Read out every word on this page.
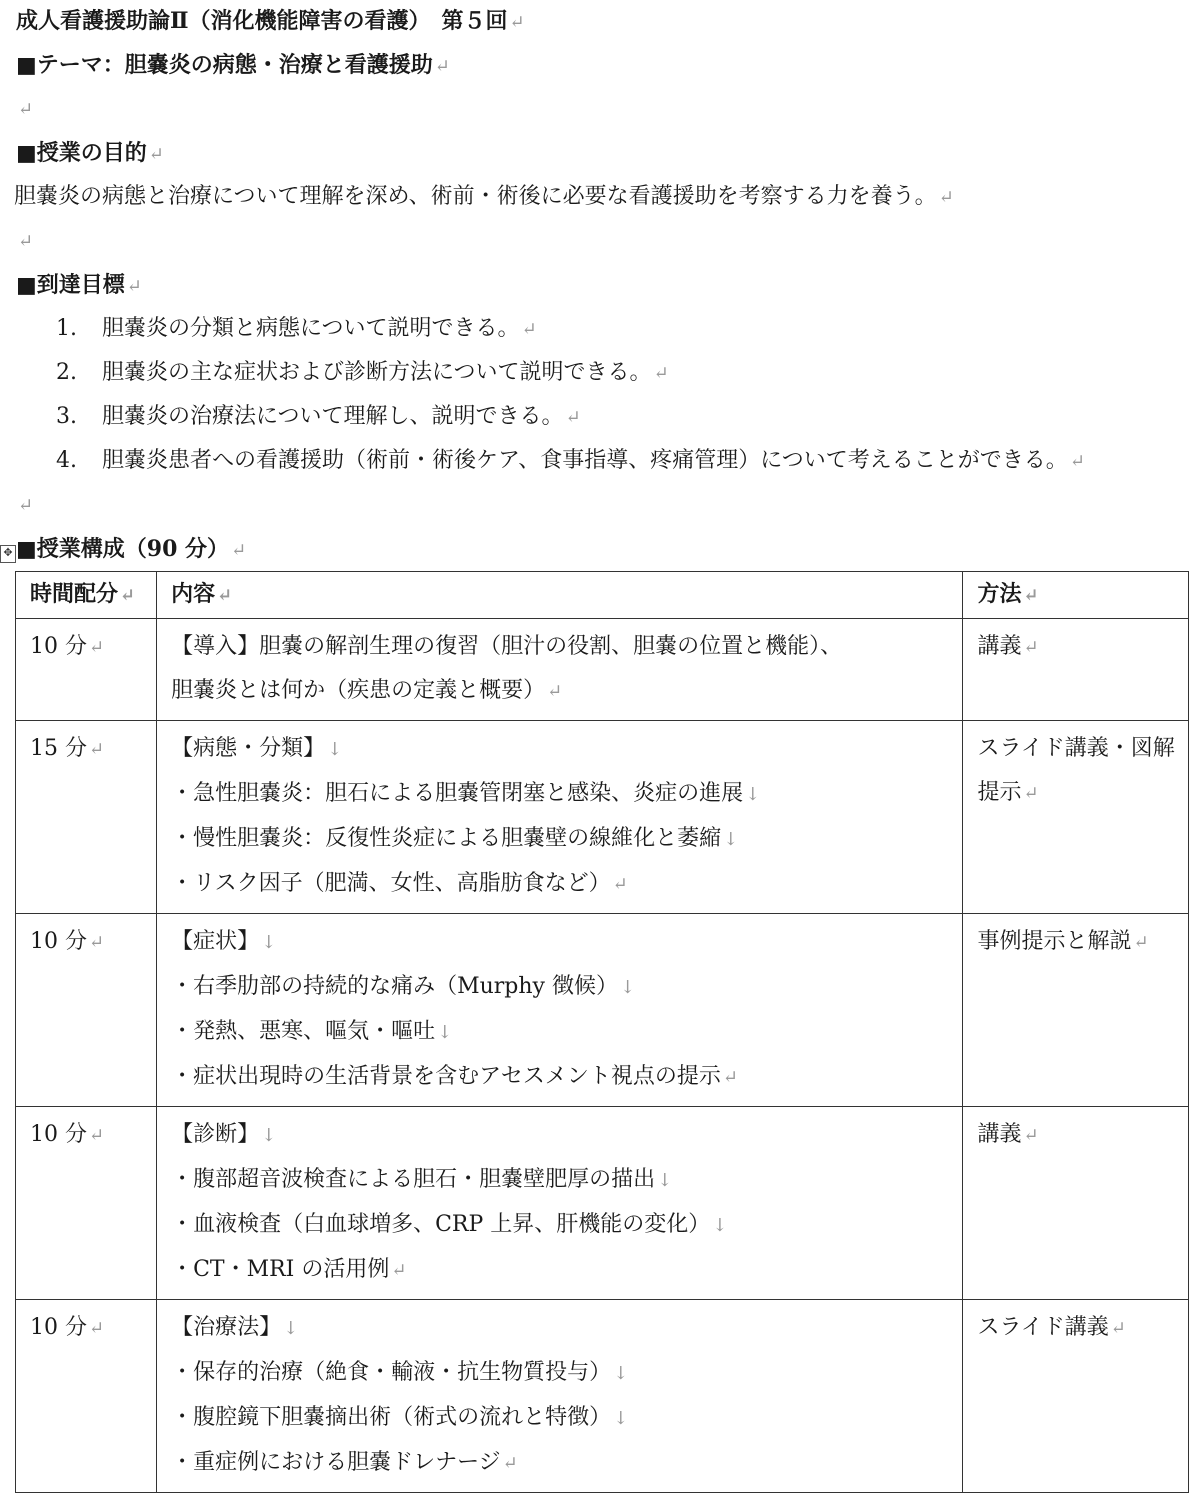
成人看護援助論Ⅱ（消化機能障害の看護）　第５回 ↵
■テーマ：胆嚢炎の病態・治療と看護援助 ↵
↵
■授業の目的 ↵
胆嚢炎の病態と治療について理解を深め、術前・術後に必要な看護援助を考察する力を養う。 ↵
↵
■到達目標 ↵
1. 胆嚢炎の分類と病態について説明できる。 ↵
2. 胆嚢炎の主な症状および診断方法について説明できる。 ↵
3. 胆嚢炎の治療法について理解し、説明できる。 ↵
4. 胆嚢炎患者への看護援助（術前・術後ケア、食事指導、疼痛管理）について考えることができる。 ↵
↵
✥ ■授業構成（90 分） ↵
時間配分 ↵	内容 ↵	方法 ↵
10 分 ↵	【導入】胆嚢の解剖生理の復習（胆汁の役割、胆嚢の位置と機能）、
胆嚢炎とは何か（疾患の定義と概要） ↵	講義 ↵

15 分 ↵	【病態・分類】 ↓
・急性胆嚢炎：胆石による胆嚢管閉塞と感染、炎症の進展 ↓
・慢性胆嚢炎：反復性炎症による胆嚢壁の線維化と萎縮 ↓
・リスク因子（肥満、女性、高脂肪食など） ↵	スライド講義・図解提示 ↵

10 分 ↵	【症状】 ↓
・右季肋部の持続的な痛み（Murphy 徴候） ↓
・発熱、悪寒、嘔気・嘔吐 ↓
・症状出現時の生活背景を含むアセスメント視点の提示 ↵	事例提示と解説 ↵

10 分 ↵	【診断】 ↓
・腹部超音波検査による胆石・胆嚢壁肥厚の描出 ↓
・血液検査（白血球増多、CRP 上昇、肝機能の変化） ↓
・CT・MRI の活用例 ↵	講義 ↵

10 分 ↵	【治療法】 ↓
・保存的治療（絶食・輸液・抗生物質投与） ↓
・腹腔鏡下胆嚢摘出術（術式の流れと特徴） ↓
・重症例における胆嚢ドレナージ ↵	スライド講義 ↵
